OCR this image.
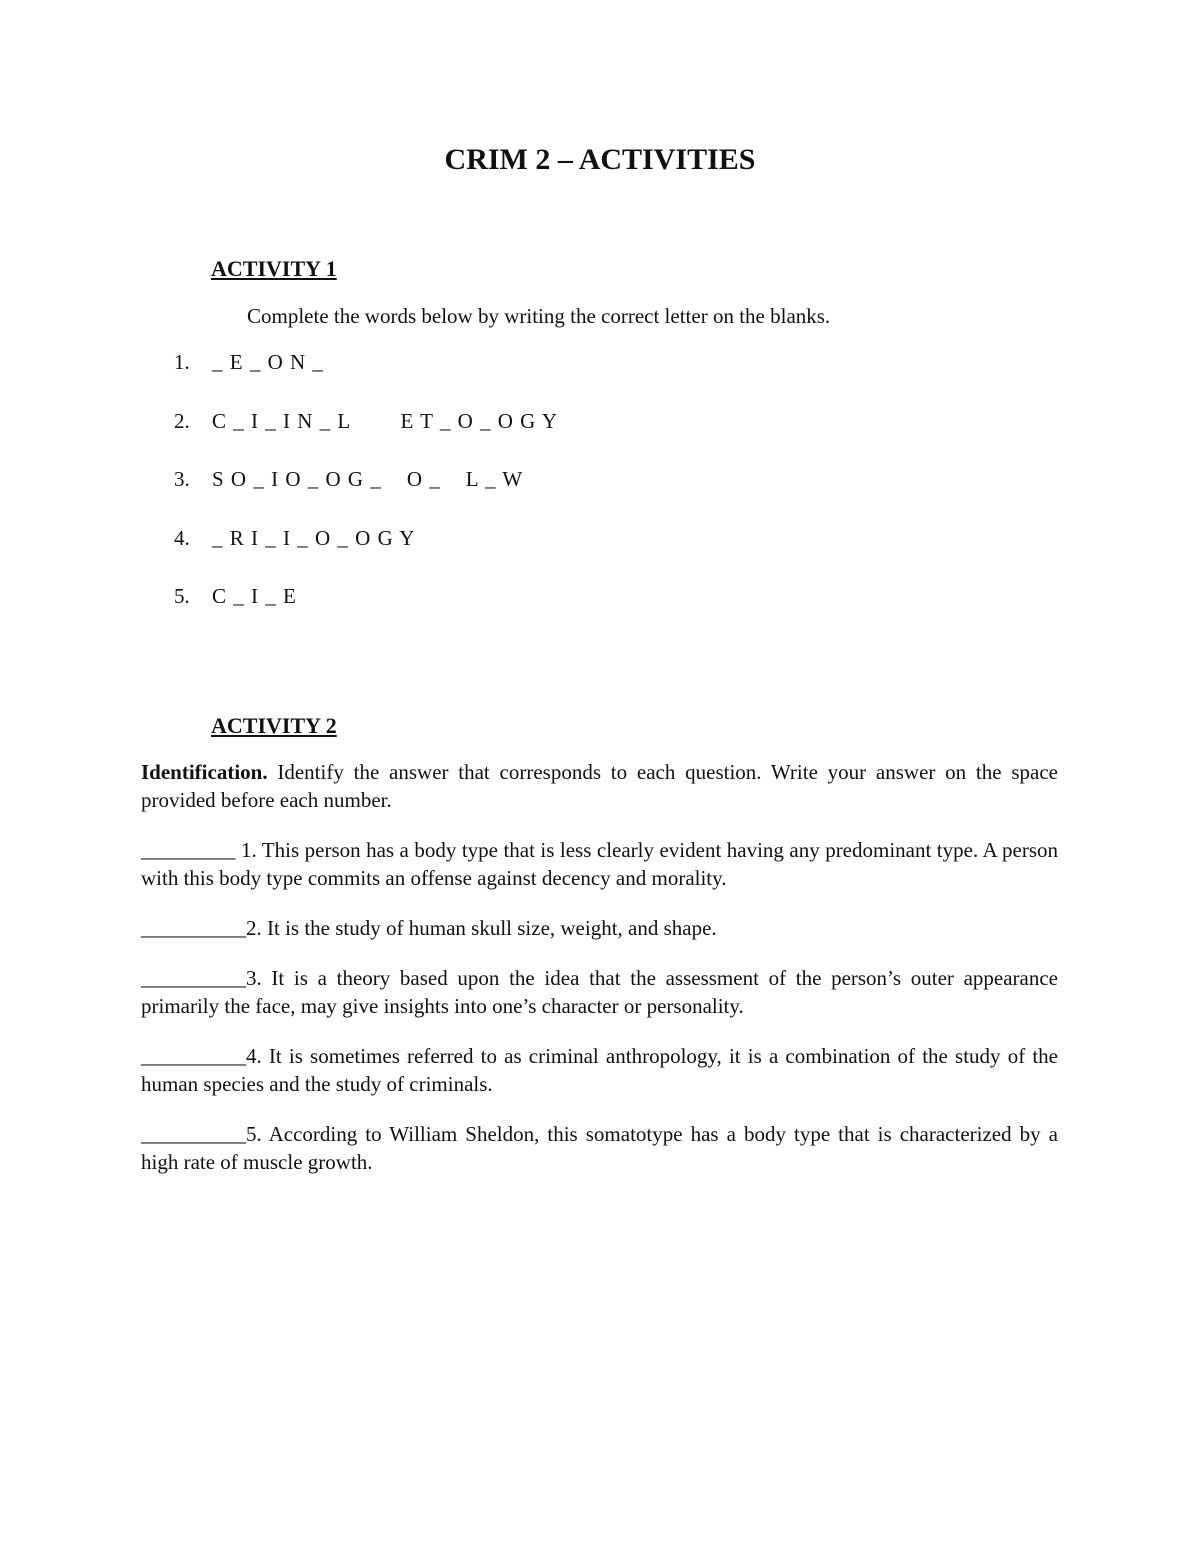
CRIM 2 – ACTIVITIES
ACTIVITY 1

Complete the words below by writing the correct letter on the blanks.

1.	_ E _ O N _
2.	C _ I _ I N _ L        E T _ O _ O G Y
3.	S O _ I O _ O G _    O _    L _ W
4.	_ R I _ I _ O _ O G Y
5.	C _ I _ E
ACTIVITY 2

Identification. Identify the answer that corresponds to each question. Write your answer on the space provided before each number.

_________ 1. This person has a body type that is less clearly evident having any predominant type. A person with this body type commits an offense against decency and morality.

__________2. It is the study of human skull size, weight, and shape.

__________3. It is a theory based upon the idea that the assessment of the person’s outer appearance primarily the face, may give insights into one’s character or personality.

__________4. It is sometimes referred to as criminal anthropology, it is a combination of the study of the human species and the study of criminals.

__________5. According to William Sheldon, this somatotype has a body type that is characterized by a high rate of muscle growth.
